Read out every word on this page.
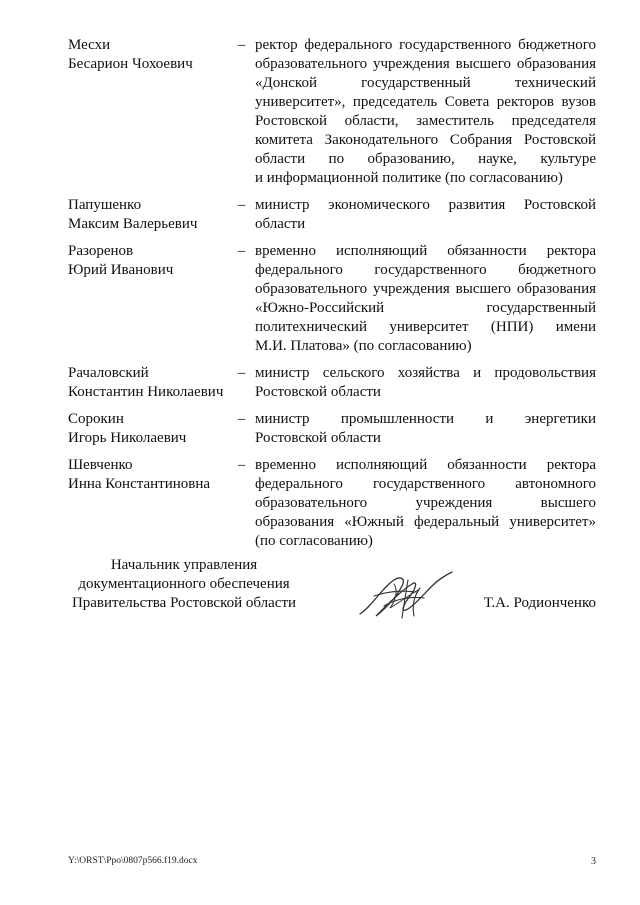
Месхи
Бесарион Чохоевич
– ректор федерального государственного бюджетного
образовательного учреждения высшего образования
«Донской государственный технический
университет», председатель Совета ректоров вузов
Ростовской области, заместитель председателя
комитета Законодательного Собрания Ростовской
области по образованию, науке, культуре
и информационной политике (по согласованию)
Папушенко
Максим Валерьевич
– министр экономического развития Ростовской
области
Разоренов
Юрий Иванович
– временно исполняющий обязанности ректора
федерального государственного бюджетного
образовательного учреждения высшего образования
«Южно-Российский государственный
политехнический университет (НПИ) имени
М.И. Платова» (по согласованию)
Рачаловский
Константин Николаевич
– министр сельского хозяйства и продовольствия
Ростовской области
Сорокин
Игорь Николаевич
– министр промышленности и энергетики
Ростовской области
Шевченко
Инна Константиновна
– временно исполняющий обязанности ректора
федерального государственного автономного
образовательного учреждения высшего
образования «Южный федеральный университет»
(по согласованию)
Начальник управления
документационного обеспечения
Правительства Ростовской области	Т.А. Родионченко
Y:\ORST\Ppo\0807p566.f19.docx	3
